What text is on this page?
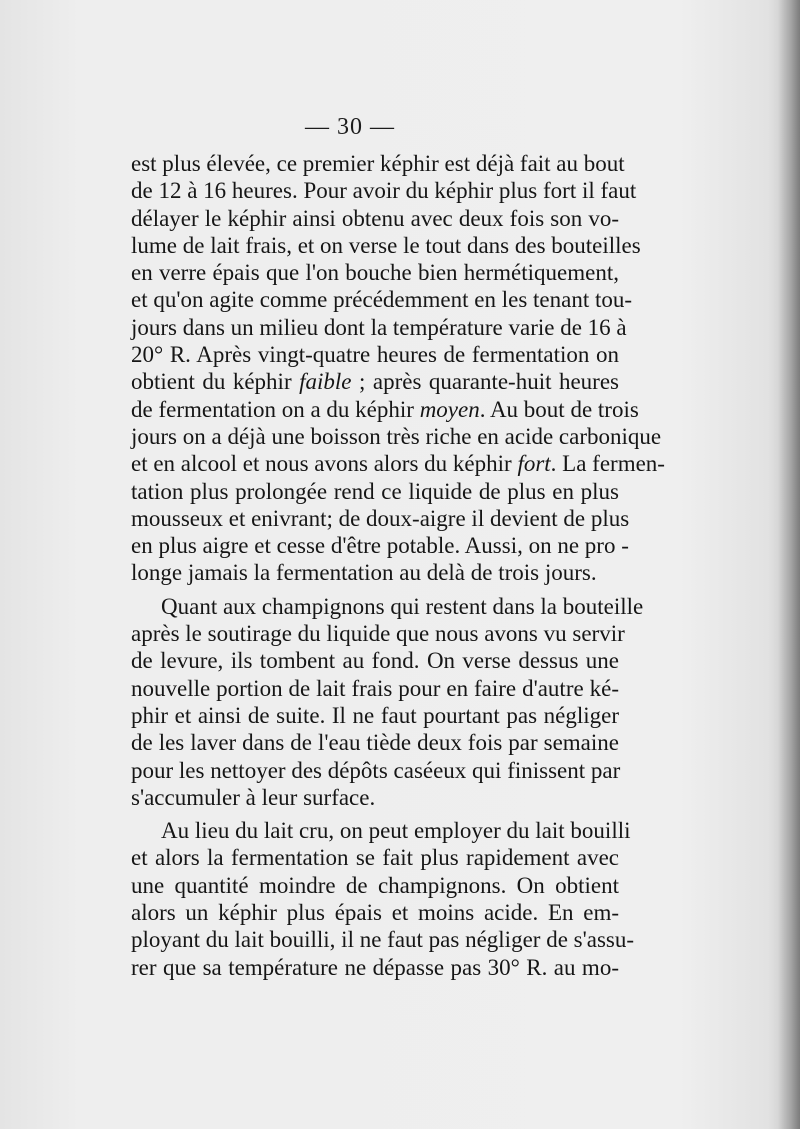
— 30 —
est plus élevée, ce premier képhir est déjà fait au bout
de 12 à 16 heures. Pour avoir du képhir plus fort il faut
délayer le képhir ainsi obtenu avec deux fois son vo-
lume de lait frais, et on verse le tout dans des bouteilles
en verre épais que l'on bouche bien hermétiquement,
et qu'on agite comme précédemment en les tenant tou-
jours dans un milieu dont la température varie de 16 à
20° R. Après vingt-quatre heures de fermentation on
obtient du képhir faible ; après quarante-huit heures
de fermentation on a du képhir moyen. Au bout de trois
jours on a déjà une boisson très riche en acide carbonique
et en alcool et nous avons alors du képhir fort. La fermen-
tation plus prolongée rend ce liquide de plus en plus
mousseux et enivrant; de doux-aigre il devient de plus
en plus aigre et cesse d'être potable. Aussi, on ne pro -
longe jamais la fermentation au delà de trois jours.
Quant aux champignons qui restent dans la bouteille
après le soutirage du liquide que nous avons vu servir
de levure, ils tombent au fond. On verse dessus une
nouvelle portion de lait frais pour en faire d'autre ké-
phir et ainsi de suite. Il ne faut pourtant pas négliger
de les laver dans de l'eau tiède deux fois par semaine
pour les nettoyer des dépôts caséeux qui finissent par
s'accumuler à leur surface.
Au lieu du lait cru, on peut employer du lait bouilli
et alors la fermentation se fait plus rapidement avec
une quantité moindre de champignons. On obtient
alors un képhir plus épais et moins acide. En em-
ployant du lait bouilli, il ne faut pas négliger de s'assu-
rer que sa température ne dépasse pas 30° R. au mo-
